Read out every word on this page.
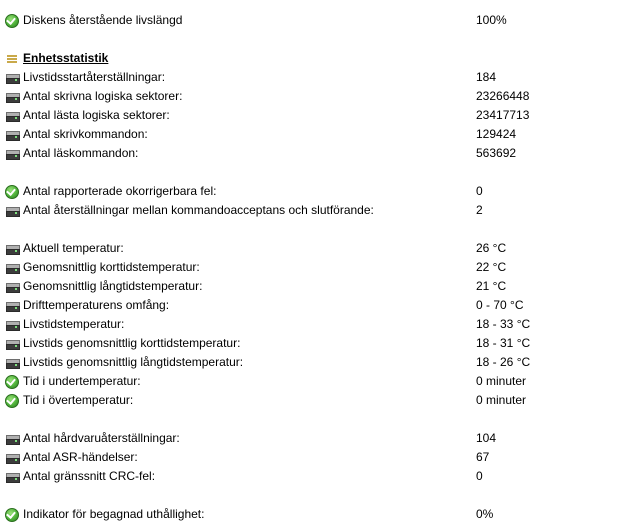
Diskens återstående livslängd	100%
Enhetsstatistik
Livstidsstartåterställningar:	184
Antal skrivna logiska sektorer:	23266448
Antal lästa logiska sektorer:	23417713
Antal skrivkommandon:	129424
Antal läskommandon:	563692
Antal rapporterade okorrigerbara fel:	0
Antal återställningar mellan kommandoacceptans och slutförande:	2
Aktuell temperatur:	26 °C
Genomsnittlig korttidstemperatur:	22 °C
Genomsnittlig långtidstemperatur:	21 °C
Drifttemperaturens omfång:	0 - 70 °C
Livstidstemperatur:	18 - 33 °C
Livstids genomsnittlig korttidstemperatur:	18 - 31 °C
Livstids genomsnittlig långtidstemperatur:	18 - 26 °C
Tid i undertemperatur:	0 minuter
Tid i övertemperatur:	0 minuter
Antal hårdvaruåterställningar:	104
Antal ASR-händelser:	67
Antal gränssnitt CRC-fel:	0
Indikator för begagnad uthållighet:	0%
